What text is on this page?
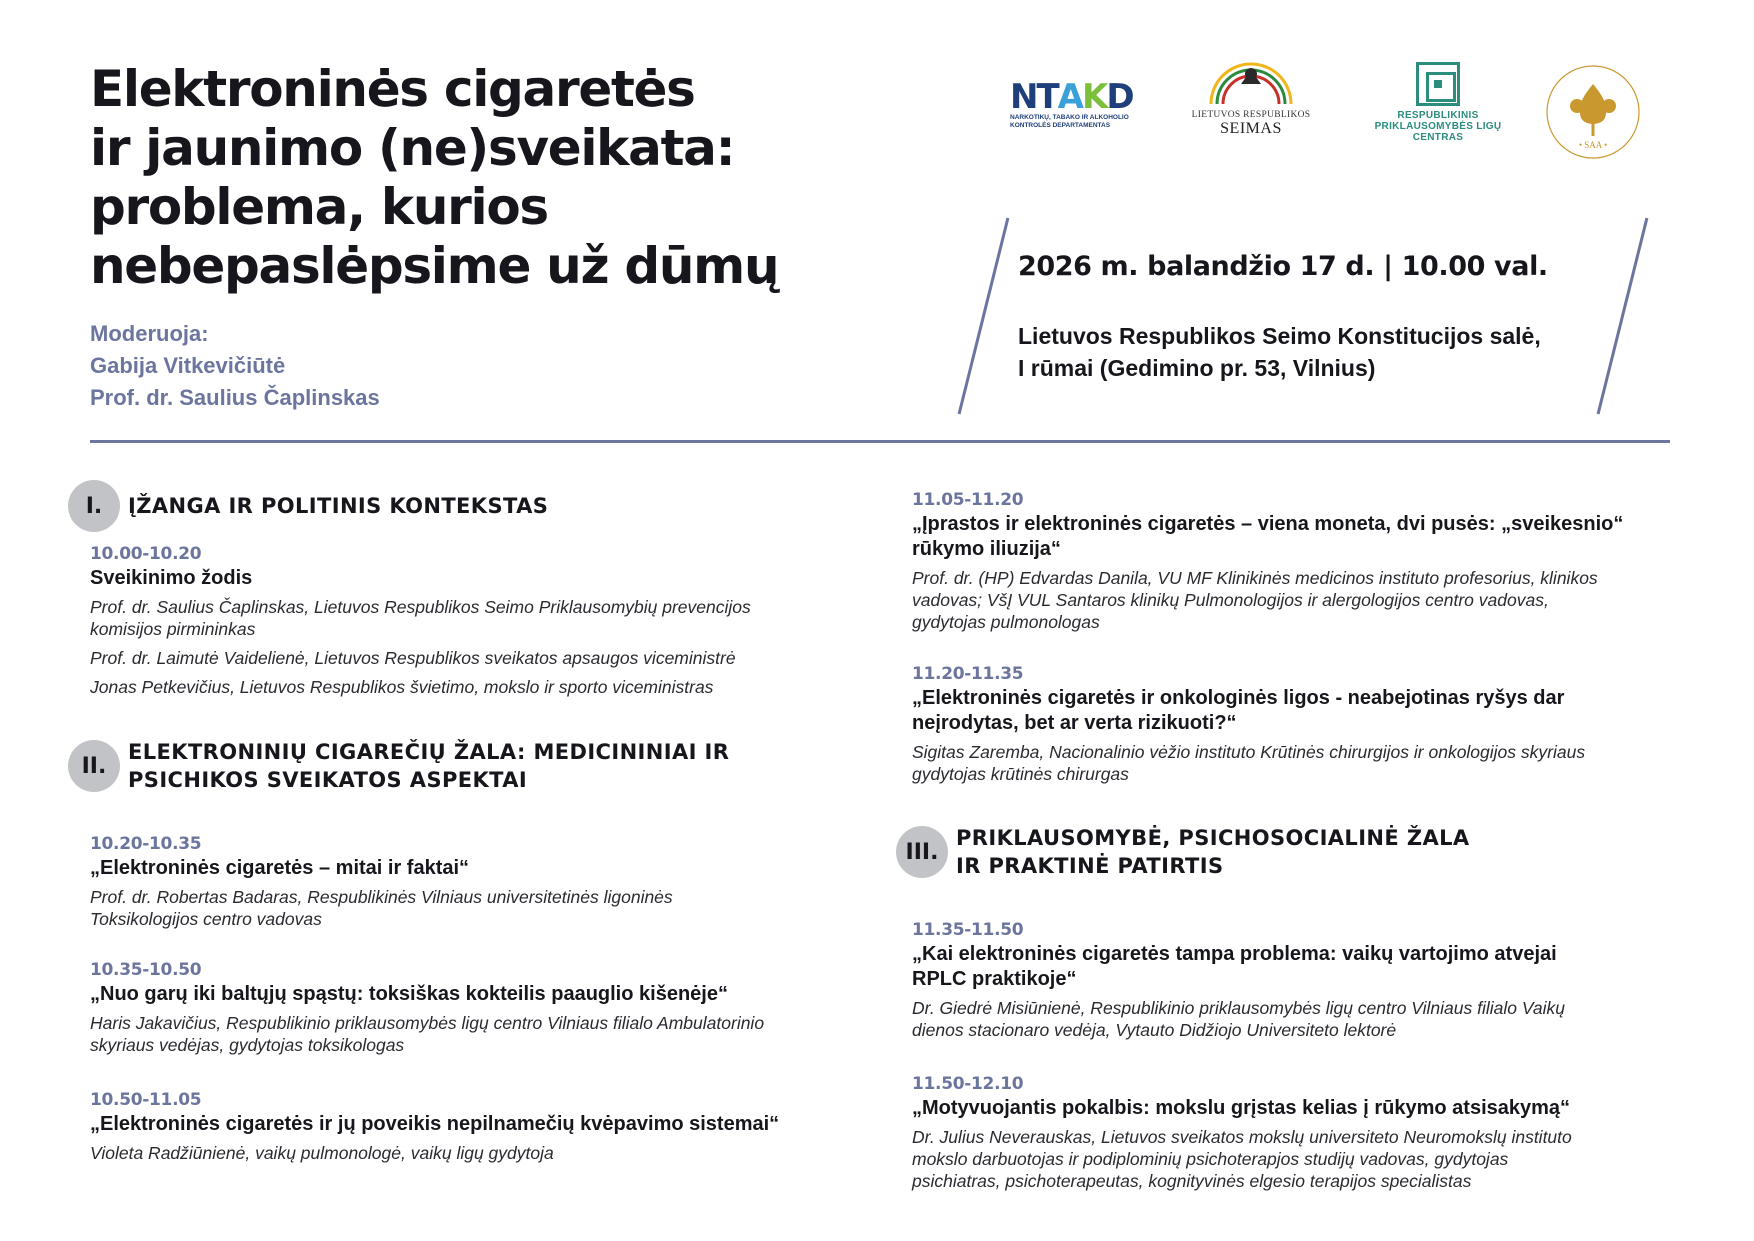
Elektroninės cigaretės
ir jaunimo (ne)sveikata:
problema, kurios
nebepaslėpsime už dūmų
Moderuoja:
Gabija Vitkevičiūtė
Prof. dr. Saulius Čaplinskas
N T A K D
NARKOTIKŲ, TABAKO IR ALKOHOLIO
KONTROLĖS DEPARTAMENTAS
LIETUVOS RESPUBLIKOS
SEIMAS
RESPUBLIKINIS
PRIKLAUSOMYBĖS LIGŲ
CENTRAS
• SAA •
2026 m. balandžio 17 d. | 10.00 val.
Lietuvos Respublikos Seimo Konstitucijos salė,
I rūmai (Gedimino pr. 53, Vilnius)
I.	ĮŽANGA IR POLITINIS KONTEKSTAS
10.00-10.20
Sveikinimo žodis
Prof. dr. Saulius Čaplinskas, Lietuvos Respublikos Seimo Priklausomybių prevencijos
komisijos pirmininkas
Prof. dr. Laimutė Vaidelienė, Lietuvos Respublikos sveikatos apsaugos viceministrė
Jonas Petkevičius, Lietuvos Respublikos švietimo, mokslo ir sporto viceministras
II.
ELEKTRONINIŲ CIGAREČIŲ ŽALA: MEDICININIAI IR
PSICHIKOS SVEIKATOS ASPEKTAI
10.20-10.35
„Elektroninės cigaretės – mitai ir faktai“
Prof. dr. Robertas Badaras, Respublikinės Vilniaus universitetinės ligoninės
Toksikologijos centro vadovas
10.35-10.50
„Nuo garų iki baltųjų spąstų: toksiškas kokteilis paauglio kišenėje“
Haris Jakavičius, Respublikinio priklausomybės ligų centro Vilniaus filialo Ambulatorinio
skyriaus vedėjas, gydytojas toksikologas
10.50-11.05
„Elektroninės cigaretės ir jų poveikis nepilnamečių kvėpavimo sistemai“
Violeta Radžiūnienė, vaikų pulmonologė, vaikų ligų gydytoja
11.05-11.20
„Įprastos ir elektroninės cigaretės – viena moneta, dvi pusės: „sveikesnio“
rūkymo iliuzija“
Prof. dr. (HP) Edvardas Danila, VU MF Klinikinės medicinos instituto profesorius, klinikos
vadovas; VšĮ VUL Santaros klinikų Pulmonologijos ir alergologijos centro vadovas,
gydytojas pulmonologas
11.20-11.35
„Elektroninės cigaretės ir onkologinės ligos - neabejotinas ryšys dar
neįrodytas, bet ar verta rizikuoti?“
Sigitas Zaremba, Nacionalinio vėžio instituto Krūtinės chirurgijos ir onkologijos skyriaus
gydytojas krūtinės chirurgas
III.
PRIKLAUSOMYBĖ, PSICHOSOCIALINĖ ŽALA
IR PRAKTINĖ PATIRTIS
11.35-11.50
„Kai elektroninės cigaretės tampa problema: vaikų vartojimo atvejai
RPLC praktikoje“
Dr. Giedrė Misiūnienė, Respublikinio priklausomybės ligų centro Vilniaus filialo Vaikų
dienos stacionaro vedėja, Vytauto Didžiojo Universiteto lektorė
11.50-12.10
„Motyvuojantis pokalbis: mokslu grįstas kelias į rūkymo atsisakymą“
Dr. Julius Neverauskas, Lietuvos sveikatos mokslų universiteto Neuromokslų instituto
mokslo darbuotojas ir podiplominių psichoterapjos studijų vadovas, gydytojas
psichiatras, psichoterapeutas, kognityvinės elgesio terapijos specialistas
